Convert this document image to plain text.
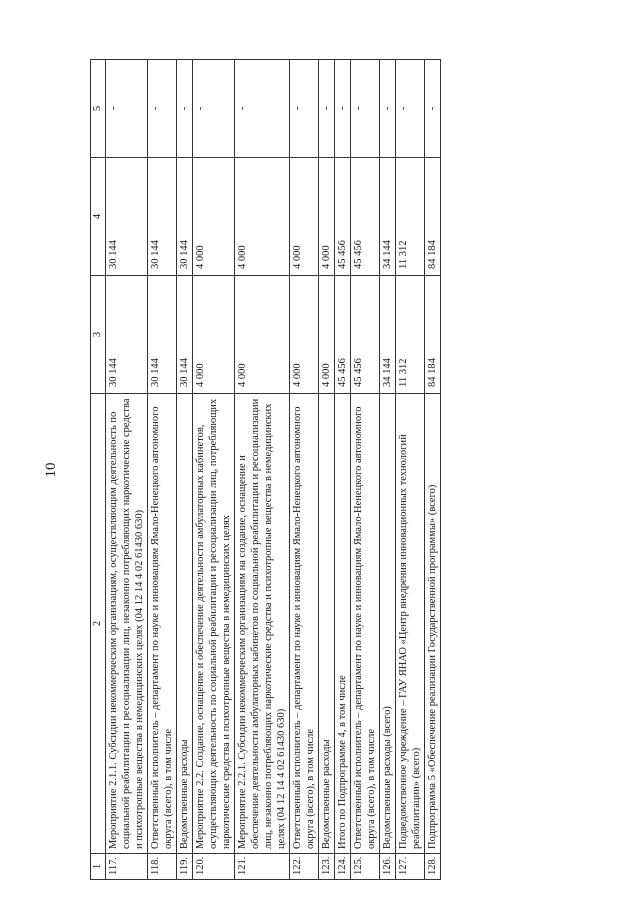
10
1	2	3	4	5
117.	Мероприятие 2.1.1. Субсидии некоммерческим организациям, осуществляющим деятельность по социальной реабилитации и ресоциализации лиц, незаконно потребляющих наркотические средства и психотропные вещества в немедицинских целях (04 12 14 4 02 61430 630)	30 144	30 144	-
118.	Ответственный исполнитель – департамент по науке и инновациям Ямало-Ненецкого автономного округа (всего), в том числе	30 144	30 144	-
119.	Ведомственные расходы	30 144	30 144	-
120.	Мероприятие 2.2. Создание, оснащение и обеспечение деятельности амбулаторных кабинетов, осуществляющих деятельность по социальной реабилитации и ресоциализации лиц, потребляющих наркотические средства и психотропные вещества в немедицинских целях	4 000	4 000	-
121.	Мероприятие 2.2.1. Субсидии некоммерческим организациям на создание, оснащение и обеспечение деятельности амбулаторных кабинетов по социальной реабилитации и ресоциализации лиц, незаконно потребляющих наркотические средства и психотропные вещества в немедицинских целях (04 12 14 4 02 61430 630)	4 000	4 000	-
122.	Ответственный исполнитель – департамент по науке и инновациям Ямало-Ненецкого автономного округа (всего), в том числе	4 000	4 000	-
123.	Ведомственные расходы	4 000	4 000	-
124.	Итого по Подпрограмме 4, в том числе	45 456	45 456	-
125.	Ответственный исполнитель – департамент по науке и инновациям Ямало-Ненецкого автономного округа (всего), в том числе	45 456	45 456	-
126.	Ведомственные расходы (всего)	34 144	34 144	-
127.	Подведомственное учреждение – ГАУ ЯНАО «Центр внедрения инновационных технологий реабилитации» (всего)	11 312	11 312	-
128.	Подпрограмма 5 «Обеспечение реализации Государственной программы» (всего)	84 184	84 184	-
